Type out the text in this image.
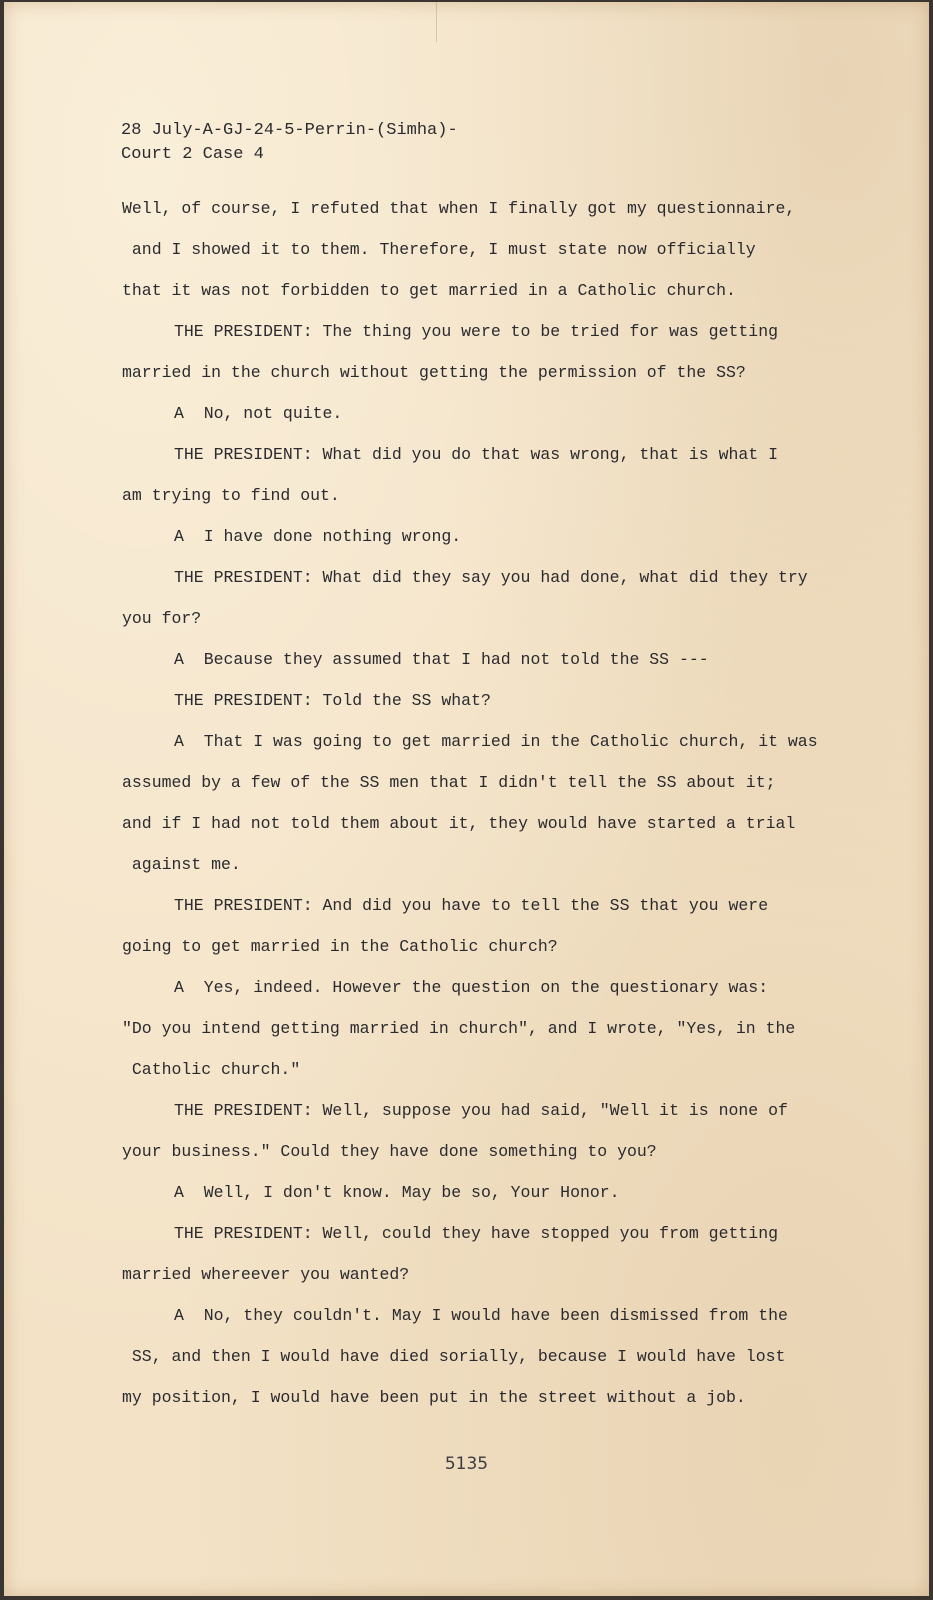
28 July-A-GJ-24-5-Perrin-(Simha)-
Court 2 Case 4
Well, of course, I refuted that when I finally got my questionnaire,
and I showed it to them. Therefore, I must state now officially
that it was not forbidden to get married in a Catholic church.
THE PRESIDENT: The thing you were to be tried for was getting
married in the church without getting the permission of the SS?
A  No, not quite.
THE PRESIDENT: What did you do that was wrong, that is what I
am trying to find out.
A  I have done nothing wrong.
THE PRESIDENT: What did they say you had done, what did they try
you for?
A  Because they assumed that I had not told the SS ---
THE PRESIDENT: Told the SS what?
A  That I was going to get married in the Catholic church, it was
assumed by a few of the SS men that I didn't tell the SS about it;
and if I had not told them about it, they would have started a trial
against me.
THE PRESIDENT: And did you have to tell the SS that you were
going to get married in the Catholic church?
A  Yes, indeed. However the question on the questionary was:
"Do you intend getting married in church", and I wrote, "Yes, in the
Catholic church."
THE PRESIDENT: Well, suppose you had said, "Well it is none of
your business." Could they have done something to you?
A  Well, I don't know. May be so, Your Honor.
THE PRESIDENT: Well, could they have stopped you from getting
married whereever you wanted?
A  No, they couldn't. May I would have been dismissed from the
SS, and then I would have died sorially, because I would have lost
my position, I would have been put in the street without a job.
5135
